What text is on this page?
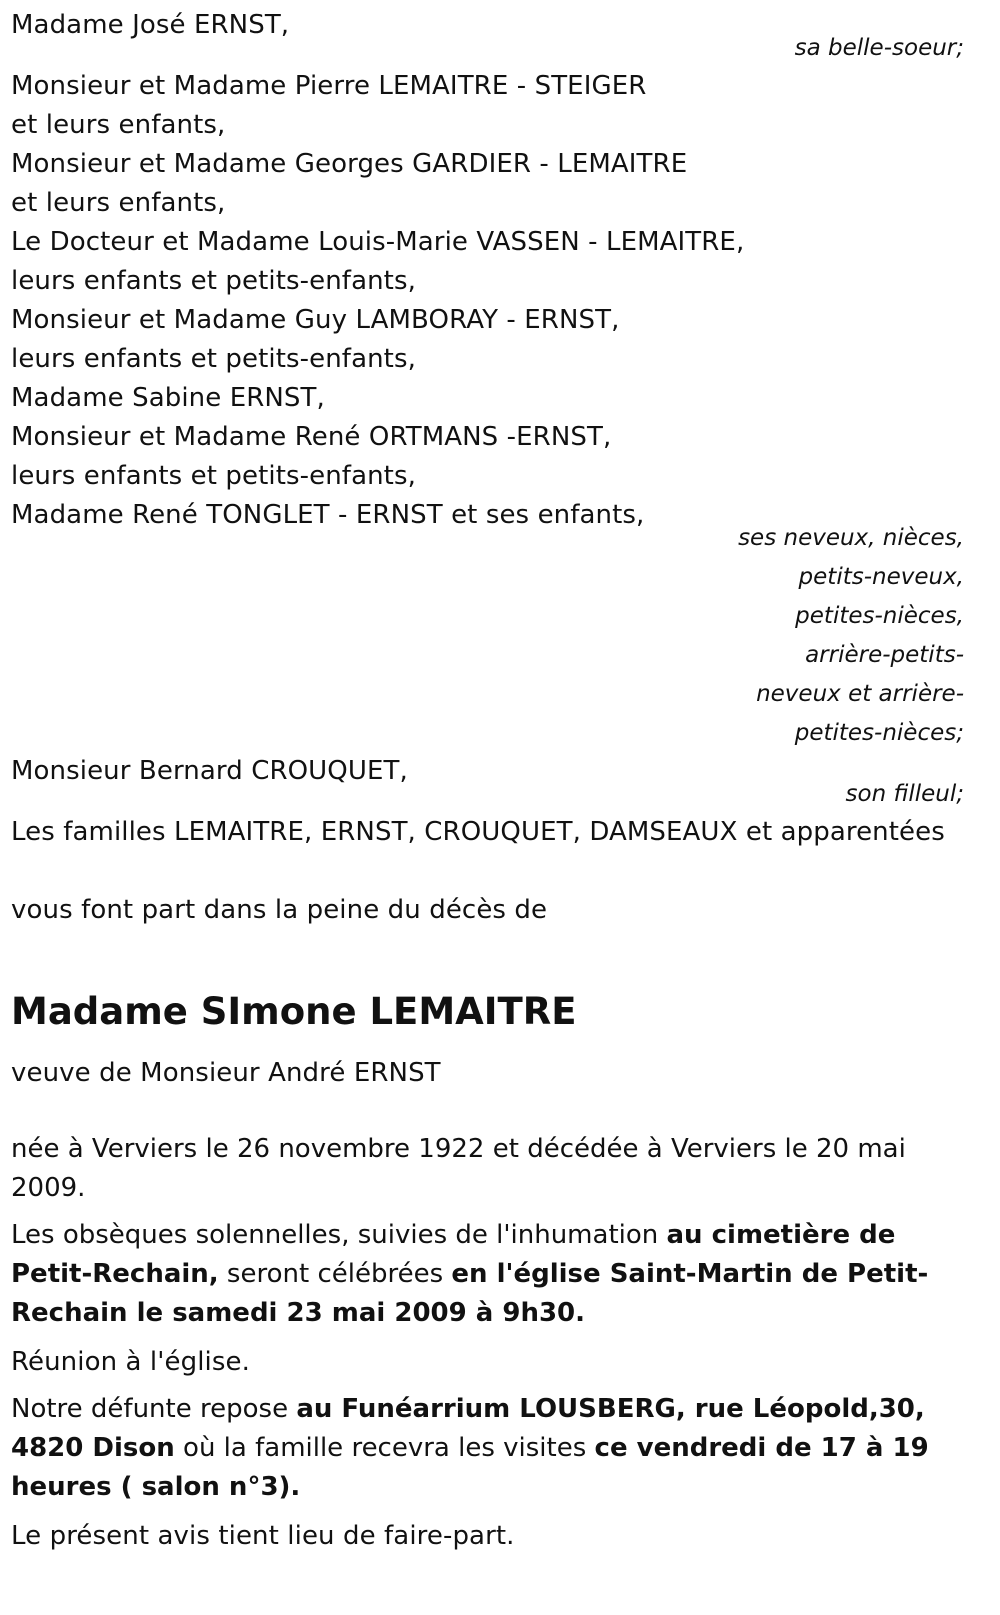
Madame José ERNST,
sa belle-soeur;
Monsieur et Madame Pierre LEMAITRE - STEIGER
et leurs enfants,
Monsieur et Madame Georges GARDIER - LEMAITRE
et leurs enfants,
Le Docteur et Madame Louis-Marie VASSEN - LEMAITRE,
leurs enfants et petits-enfants,
Monsieur et Madame Guy LAMBORAY - ERNST,
leurs enfants et petits-enfants,
Madame Sabine ERNST,
Monsieur et Madame René ORTMANS -ERNST,
leurs enfants et petits-enfants,
Madame René TONGLET - ERNST et ses enfants,
ses neveux, nièces,
petits-neveux,
petites-nièces,
arrière-petits-
neveux et arrière-
petites-nièces;
Monsieur Bernard CROUQUET,
son filleul;
Les familles LEMAITRE, ERNST, CROUQUET, DAMSEAUX et apparentées
vous font part dans la peine du décès de
Madame SImone LEMAITRE
veuve de Monsieur André ERNST
née à Verviers le 26 novembre 1922 et décédée à Verviers le 20 mai 2009.
Les obsèques solennelles, suivies de l'inhumation au cimetière de Petit-Rechain, seront célébrées en l'église Saint-Martin de Petit-Rechain le samedi 23 mai 2009 à 9h30.
Réunion à l'église.
Notre défunte repose au Funéarrium LOUSBERG, rue Léopold,30, 4820 Dison où la famille recevra les visites ce vendredi de 17 à 19 heures ( salon n°3).
Le présent avis tient lieu de faire-part.
